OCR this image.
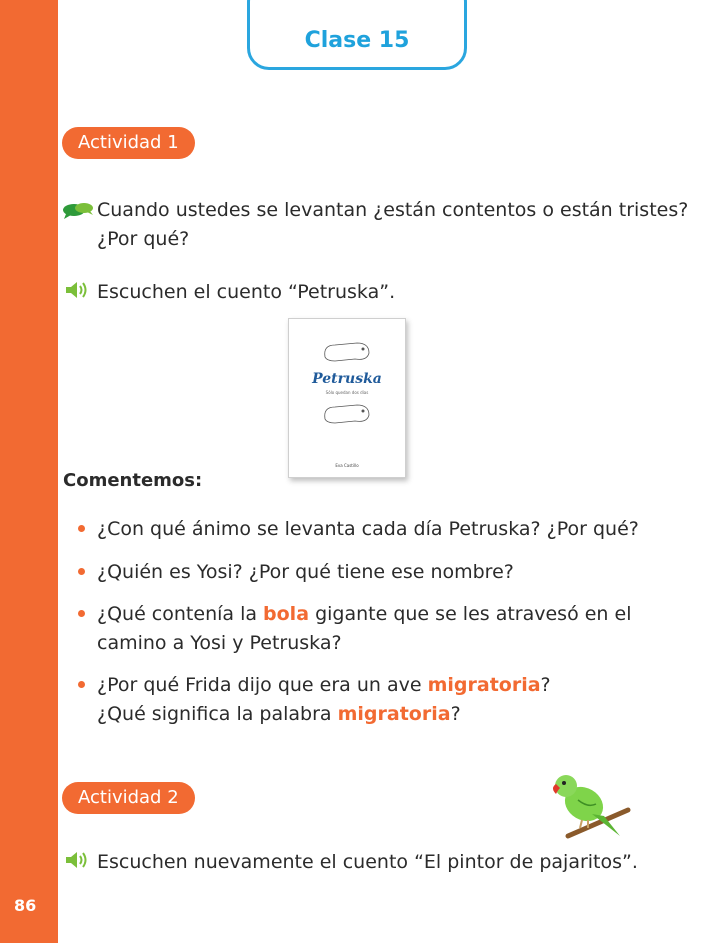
86
Clase 15
Actividad 1
Cuando ustedes se levantan ¿están contentos o están tristes?
¿Por qué?
Escuchen el cuento “Petruska”.
Petruska
Sólo quedan dos días
Eva Castillo
Comentemos:
¿Con qué ánimo se levanta cada día Petruska? ¿Por qué?
¿Quién es Yosi? ¿Por qué tiene ese nombre?
¿Qué contenía la bola gigante que se les atravesó en el
camino a Yosi y Petruska?
¿Por qué Frida dijo que era un ave migratoria?
¿Qué significa la palabra migratoria?
Actividad 2
Escuchen nuevamente el cuento “El pintor de pajaritos”.
